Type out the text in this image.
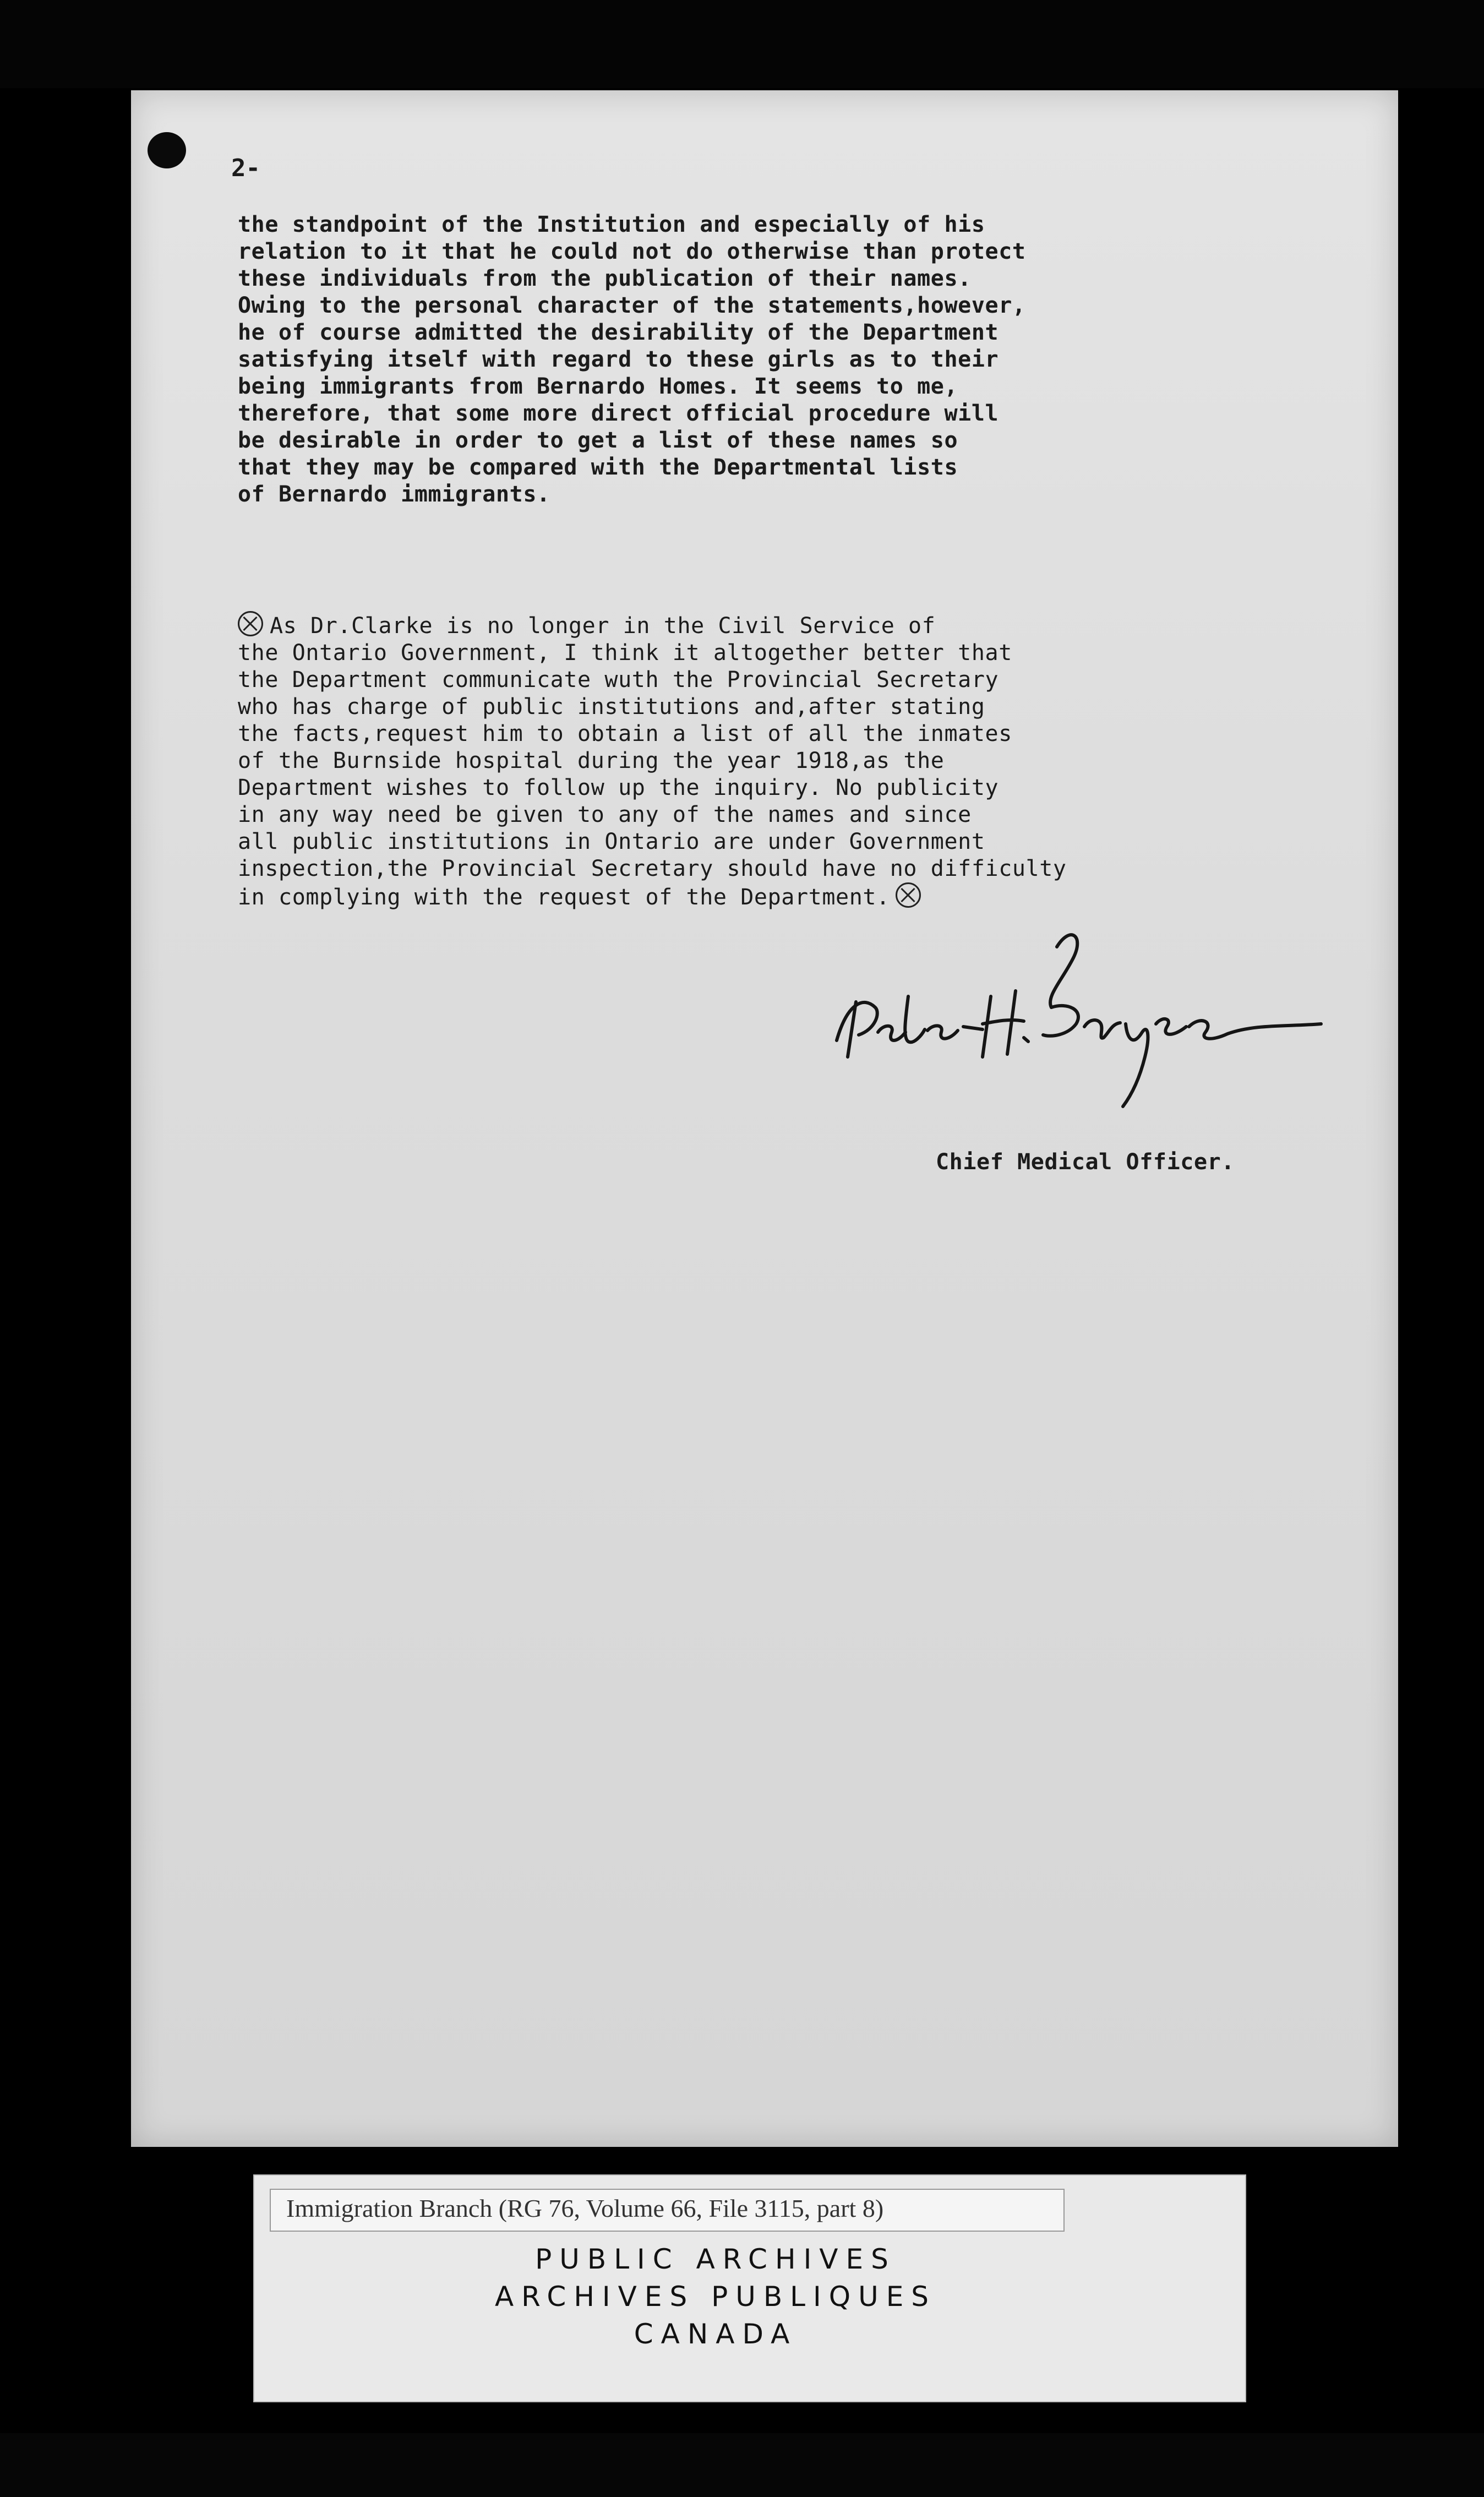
2-
the standpoint of the Institution and especially of his
relation to it that he could not do otherwise than protect
these individuals from the publication of their names.
Owing to the personal character of the statements,however,
he of course admitted the desirability of the Department
satisfying itself with regard to these girls as to their
being immigrants from Bernardo Homes. It seems to me,
therefore, that some more direct official procedure will
be desirable in order to get a list of these names so
that they may be compared with the Departmental lists
of Bernardo immigrants.
As Dr.Clarke is no longer in the Civil Service of
the Ontario Government, I think it altogether better that
the Department communicate wuth the Provincial Secretary
who has charge of public institutions and,after stating
the facts,request him to obtain a list of all the inmates
of the Burnside hospital during the year 1918,as the
Department wishes to follow up the inquiry. No publicity
in any way need be given to any of the names and since
all public institutions in Ontario are under Government
inspection,the Provincial Secretary should have no difficulty
in complying with the request of the Department.
Chief Medical Officer.
Immigration Branch (RG 76, Volume 66, File 3115, part 8)
PUBLIC ARCHIVES
ARCHIVES PUBLIQUES
CANADA
